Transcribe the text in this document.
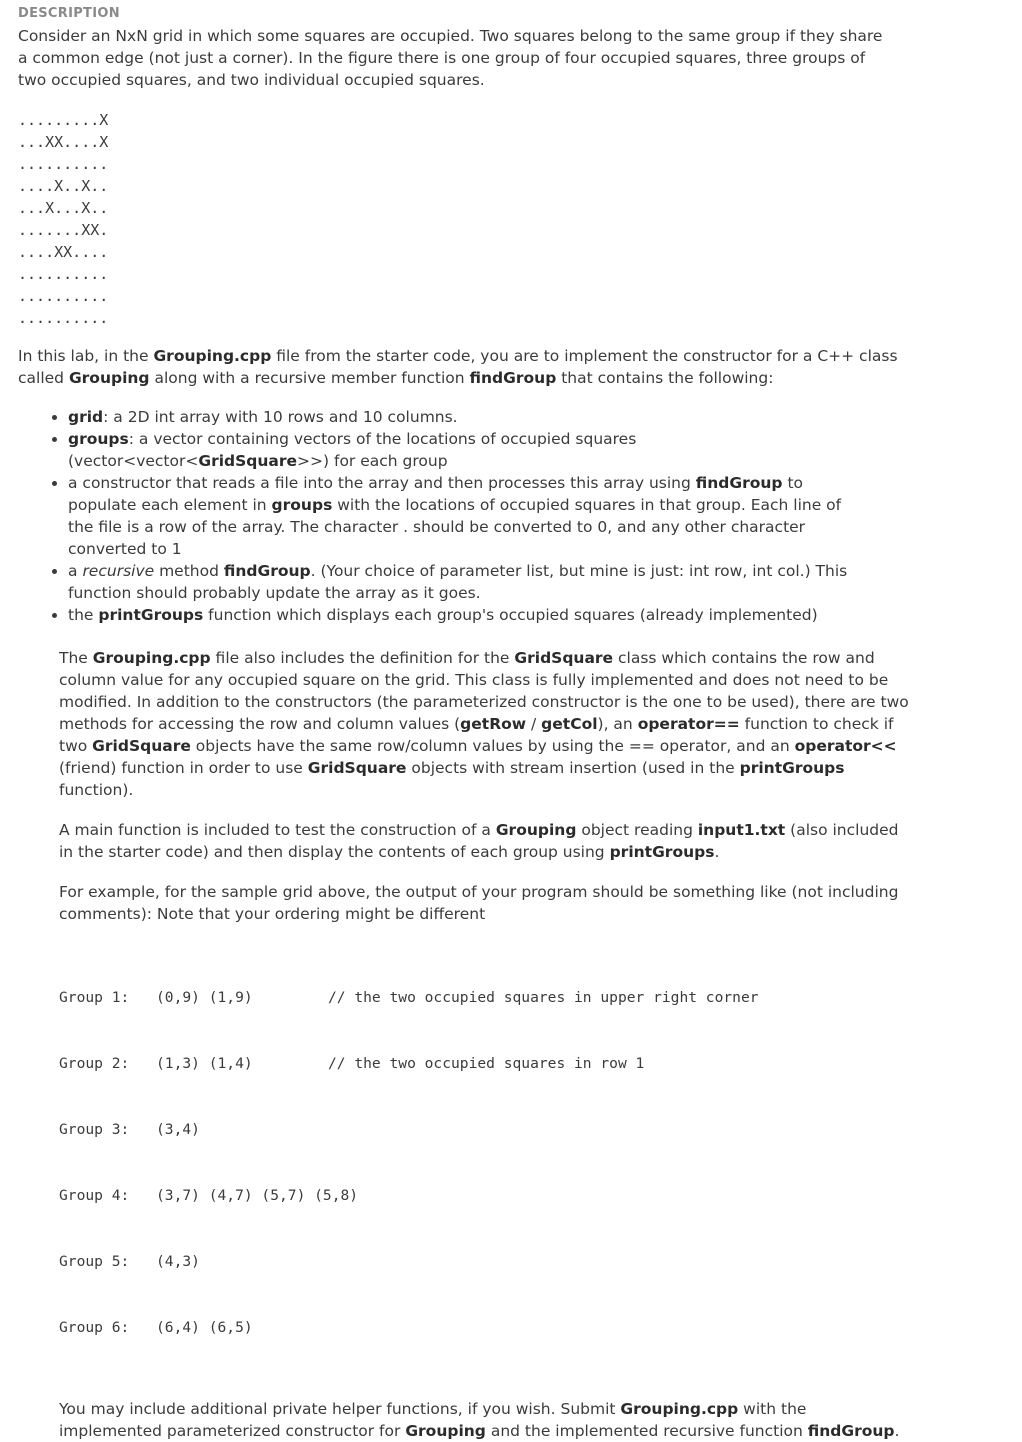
DESCRIPTION

Consider an NxN grid in which some squares are occupied. Two squares belong to the same group if they share a common edge (not just a corner). In the figure there is one group of four occupied squares, three groups of two occupied squares, and two individual occupied squares.

.........X
...XX....X
..........
....X..X..
...X...X..
.......XX.
....XX....
..........
..........
..........

In this lab, in the Grouping.cpp file from the starter code, you are to implement the constructor for a C++ class called Grouping along with a recursive member function findGroup that contains the following:

• grid: a 2D int array with 10 rows and 10 columns.
• groups: a vector containing vectors of the locations of occupied squares (vector<vector<GridSquare>>) for each group
• a constructor that reads a file into the array and then processes this array using findGroup to populate each element in groups with the locations of occupied squares in that group. Each line of the file is a row of the array. The character . should be converted to 0, and any other character converted to 1
• a recursive method findGroup. (Your choice of parameter list, but mine is just: int row, int col.) This function should probably update the array as it goes.
• the printGroups function which displays each group's occupied squares (already implemented)

The Grouping.cpp file also includes the definition for the GridSquare class which contains the row and column value for any occupied square on the grid. This class is fully implemented and does not need to be modified. In addition to the constructors (the parameterized constructor is the one to be used), there are two methods for accessing the row and column values (getRow / getCol), an operator== function to check if two GridSquare objects have the same row/column values by using the == operator, and an operator<< (friend) function in order to use GridSquare objects with stream insertion (used in the printGroups function).

A main function is included to test the construction of a Grouping object reading input1.txt (also included in the starter code) and then display the contents of each group using printGroups.

For example, for the sample grid above, the output of your program should be something like (not including comments): Note that your ordering might be different

Group 1:	(0,9) (1,9)	// the two occupied squares in upper right corner

Group 2:	(1,3) (1,4)	// the two occupied squares in row 1

Group 3:	(3,4)

Group 4:	(3,7) (4,7) (5,7) (5,8)

Group 5:	(4,3)

Group 6:	(6,4) (6,5)

You may include additional private helper functions, if you wish. Submit Grouping.cpp with the implemented parameterized constructor for Grouping and the implemented recursive function findGroup.
